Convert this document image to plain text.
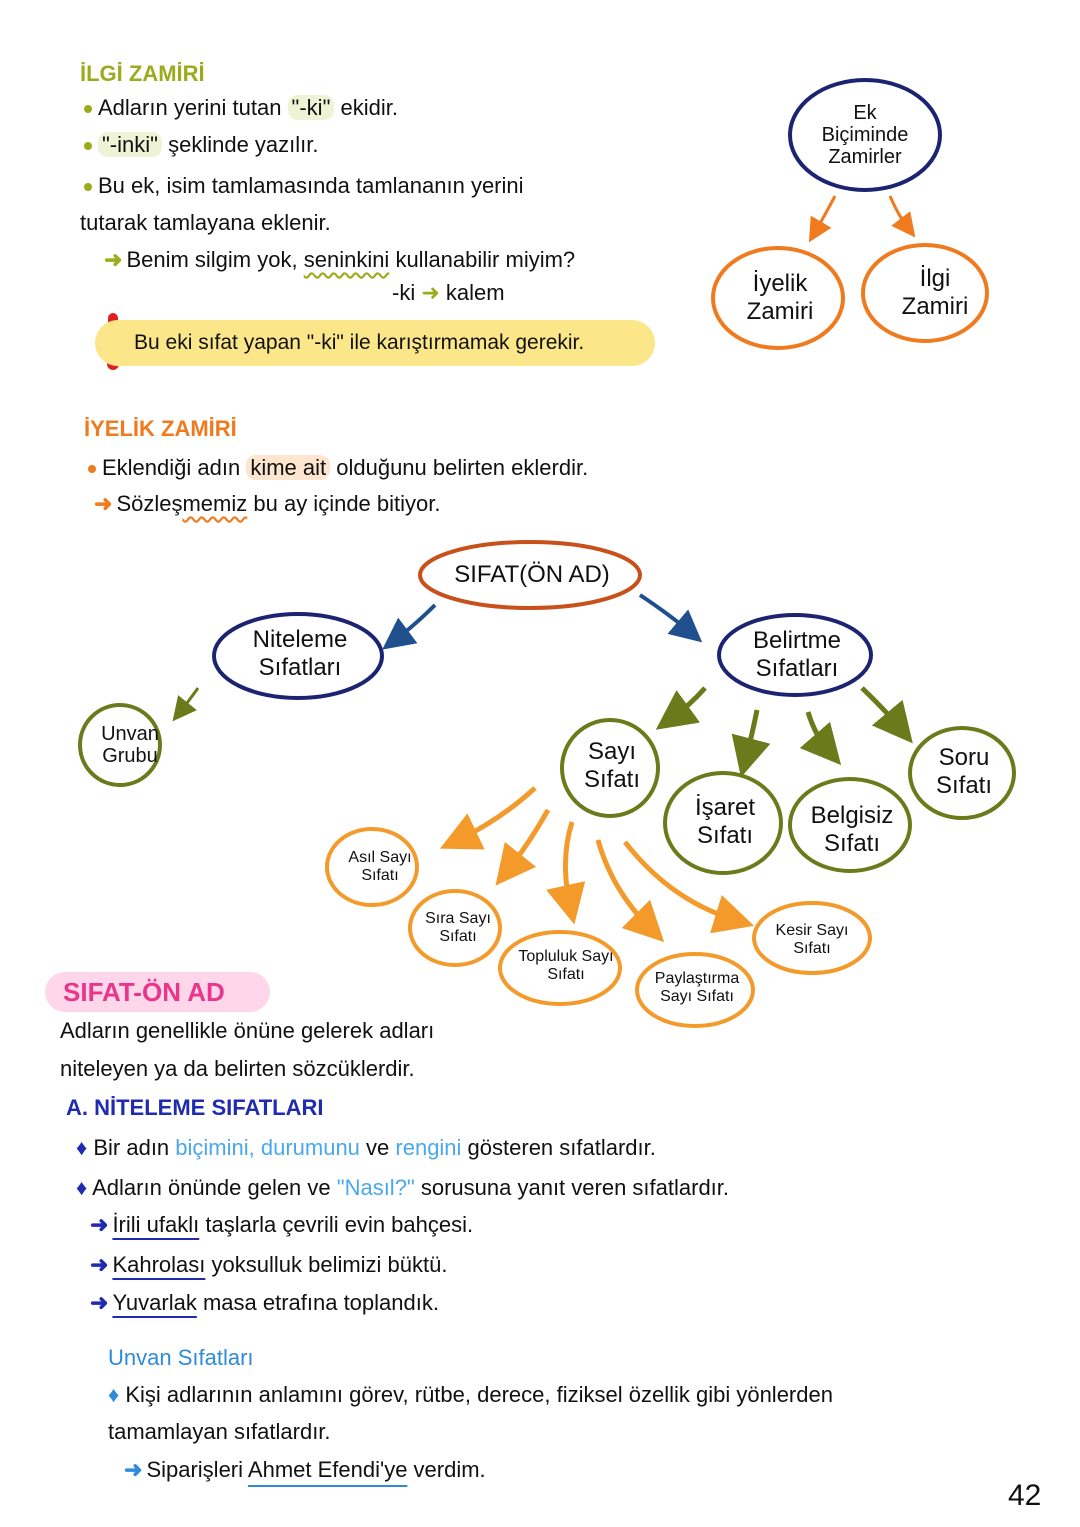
İLGİ ZAMİRİ
Adların yerini tutan "-ki" ekidir.
"-inki" şeklinde yazılır.
Bu ek, isim tamlamasında tamlananın yerini
tutarak tamlayana eklenir.
➜ Benim silgim yok, seninkini kullanabilir miyim?
-ki ➜ kalem
Bu eki sıfat yapan "-ki" ile karıştırmamak gerekir.
Ek Biçiminde Zamirler
İyelik Zamiri
İlgi Zamiri
İYELİK ZAMİRİ
Eklendiği adın kime ait olduğunu belirten eklerdir.
➜ Sözleşmemiz bu ay içinde bitiyor.
SIFAT(ÖN AD)
Niteleme Sıfatları
Belirtme Sıfatları
Unvan Grubu	Sayı Sıfatı
İşaret Sıfatı
Belgisiz Sıfatı
Soru Sıfatı
Asıl Sayı Sıfatı
Sıra Sayı Sıfatı
Topluluk Sayı Sıfatı	Paylaştırma Sayı Sıfatı
Kesir Sayı Sıfatı
SIFAT-ÖN AD
Adların genellikle önüne gelerek adları
niteleyen ya da belirten sözcüklerdir.
A. NİTELEME SIFATLARI
♦ Bir adın biçimini, durumunu ve rengini gösteren sıfatlardır.
♦ Adların önünde gelen ve "Nasıl?" sorusuna yanıt veren sıfatlardır.
➜ İrili ufaklı taşlarla çevrili evin bahçesi.
➜ Kahrolası yoksulluk belimizi büktü.
➜ Yuvarlak masa etrafına toplandık.
Unvan Sıfatları
♦ Kişi adlarının anlamını görev, rütbe, derece, fiziksel özellik gibi yönlerden
tamamlayan sıfatlardır.
➜ Siparişleri Ahmet Efendi'ye verdim.
42
